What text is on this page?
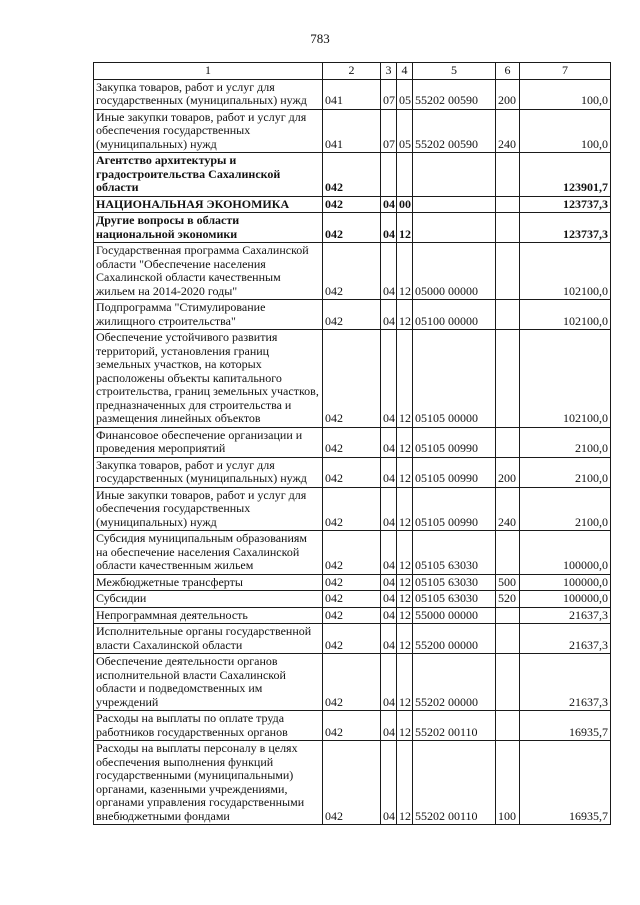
783
1	2	3	4	5	6	7
Закупка товаров, работ и услуг для государственных (муниципальных) нужд	041	07	05	55202 00590	200	100,0
Иные закупки товаров, работ и услуг для обеспечения государственных (муниципальных) нужд	041	07	05	55202 00590	240	100,0
Агентство архитектуры и градостроительства Сахалинской области	042					123901,7
НАЦИОНАЛЬНАЯ ЭКОНОМИКА	042	04	00			123737,3
Другие вопросы в области национальной экономики	042	04	12			123737,3
Государственная программа Сахалинской области "Обеспечение населения Сахалинской области качественным жильем на 2014-2020 годы"	042	04	12	05000 00000		102100,0
Подпрограмма "Стимулирование жилищного строительства"	042	04	12	05100 00000		102100,0
Обеспечение устойчивого развития территорий, установления границ земельных участков, на которых расположены объекты капитального строительства, границ земельных участков, предназначенных для строительства и размещения линейных объектов	042	04	12	05105 00000		102100,0
Финансовое обеспечение организации и проведения мероприятий	042	04	12	05105 00990		2100,0
Закупка товаров, работ и услуг для государственных (муниципальных) нужд	042	04	12	05105 00990	200	2100,0
Иные закупки товаров, работ и услуг для обеспечения государственных (муниципальных) нужд	042	04	12	05105 00990	240	2100,0
Субсидия муниципальным образованиям на обеспечение населения Сахалинской области качественным жильем	042	04	12	05105 63030		100000,0
Межбюджетные трансферты	042	04	12	05105 63030	500	100000,0
Субсидии	042	04	12	05105 63030	520	100000,0
Непрограммная деятельность	042	04	12	55000 00000		21637,3
Исполнительные органы государственной власти Сахалинской области	042	04	12	55200 00000		21637,3
Обеспечение деятельности органов исполнительной власти Сахалинской области и подведомственных им учреждений	042	04	12	55202 00000		21637,3
Расходы на выплаты по оплате труда работников государственных органов	042	04	12	55202 00110		16935,7
Расходы на выплаты персоналу в целях обеспечения выполнения функций государственными (муниципальными) органами, казенными учреждениями, органами управления государственными внебюджетными фондами	042	04	12	55202 00110	100	16935,7
